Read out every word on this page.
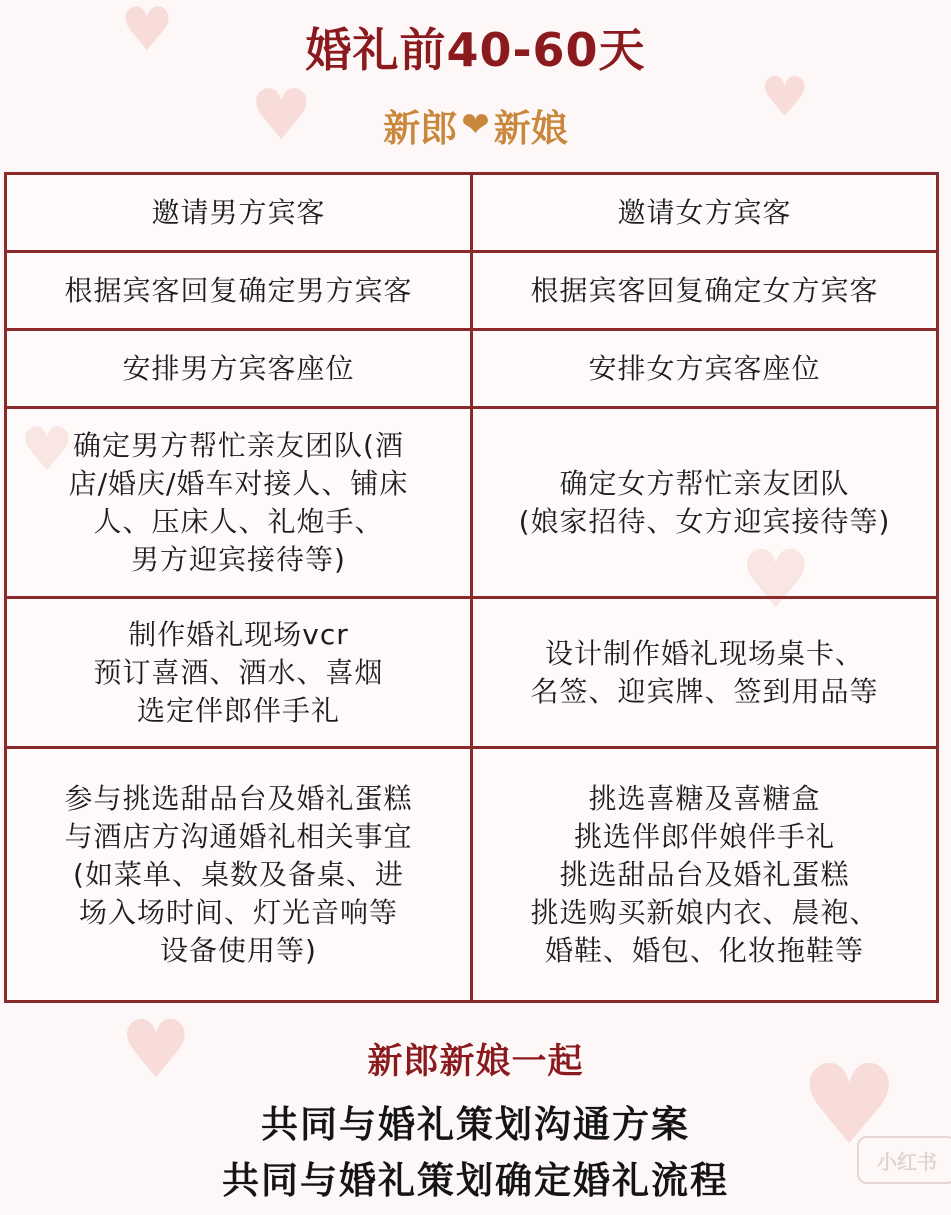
♥
♥	♥
♥
♥
♥	♥
婚礼前40-60天
新郎 ❤ 新娘
邀请男方宾客	邀请女方宾客

根据宾客回复确定男方宾客	根据宾客回复确定女方宾客

安排男方宾客座位	安排女方宾客座位

确定男方帮忙亲友团队(酒
店/婚庆/婚车对接人、铺床
人、压床人、礼炮手、
男方迎宾接待等)	确定女方帮忙亲友团队
(娘家招待、女方迎宾接待等)

制作婚礼现场vcr
预订喜酒、酒水、喜烟
选定伴郎伴手礼	设计制作婚礼现场桌卡、
名签、迎宾牌、签到用品等

参与挑选甜品台及婚礼蛋糕
与酒店方沟通婚礼相关事宜
(如菜单、桌数及备桌、进
场入场时间、灯光音响等
设备使用等)	挑选喜糖及喜糖盒
挑选伴郎伴娘伴手礼
挑选甜品台及婚礼蛋糕
挑选购买新娘内衣、晨袍、
婚鞋、婚包、化妆拖鞋等
新郎新娘一起
共同与婚礼策划沟通方案
共同与婚礼策划确定婚礼流程	小红书
